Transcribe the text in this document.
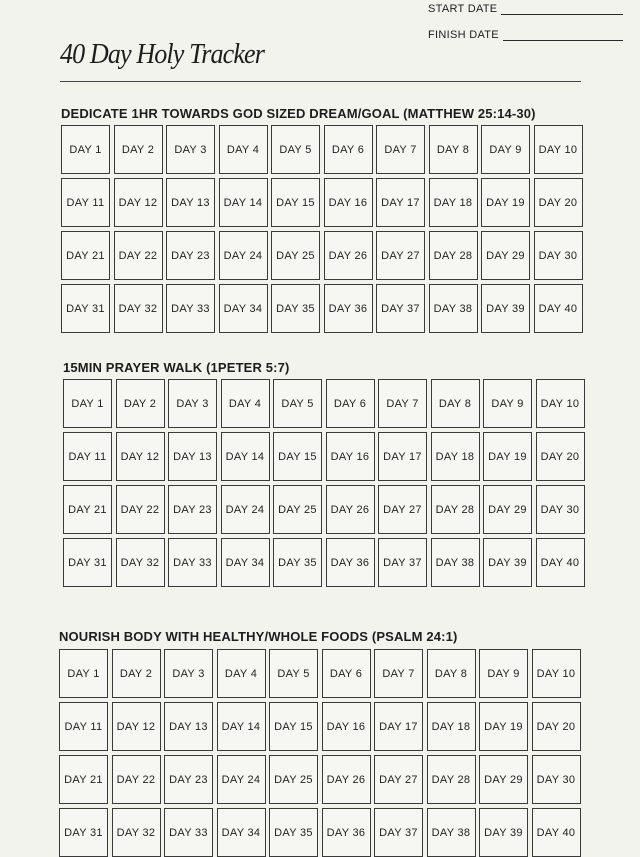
START DATE
FINISH DATE
40 Day Holy Tracker
DEDICATE 1HR TOWARDS GOD SIZED DREAM/GOAL (MATTHEW 25:14-30)
DAY 1	DAY 2	DAY 3	DAY 4	DAY 5	DAY 6	DAY 7	DAY 8	DAY 9	DAY 10
DAY 11	DAY 12	DAY 13	DAY 14	DAY 15	DAY 16	DAY 17	DAY 18	DAY 19	DAY 20
DAY 21	DAY 22	DAY 23	DAY 24	DAY 25	DAY 26	DAY 27	DAY 28	DAY 29	DAY 30
DAY 31	DAY 32	DAY 33	DAY 34	DAY 35	DAY 36	DAY 37	DAY 38	DAY 39	DAY 40
15MIN PRAYER WALK (1PETER 5:7)
DAY 1	DAY 2	DAY 3	DAY 4	DAY 5	DAY 6	DAY 7	DAY 8	DAY 9	DAY 10
DAY 11	DAY 12	DAY 13	DAY 14	DAY 15	DAY 16	DAY 17	DAY 18	DAY 19	DAY 20
DAY 21	DAY 22	DAY 23	DAY 24	DAY 25	DAY 26	DAY 27	DAY 28	DAY 29	DAY 30
DAY 31	DAY 32	DAY 33	DAY 34	DAY 35	DAY 36	DAY 37	DAY 38	DAY 39	DAY 40
NOURISH BODY WITH HEALTHY/WHOLE FOODS (PSALM 24:1)
DAY 1	DAY 2	DAY 3	DAY 4	DAY 5	DAY 6	DAY 7	DAY 8	DAY 9	DAY 10
DAY 11	DAY 12	DAY 13	DAY 14	DAY 15	DAY 16	DAY 17	DAY 18	DAY 19	DAY 20
DAY 21	DAY 22	DAY 23	DAY 24	DAY 25	DAY 26	DAY 27	DAY 28	DAY 29	DAY 30
DAY 31	DAY 32	DAY 33	DAY 34	DAY 35	DAY 36	DAY 37	DAY 38	DAY 39	DAY 40
